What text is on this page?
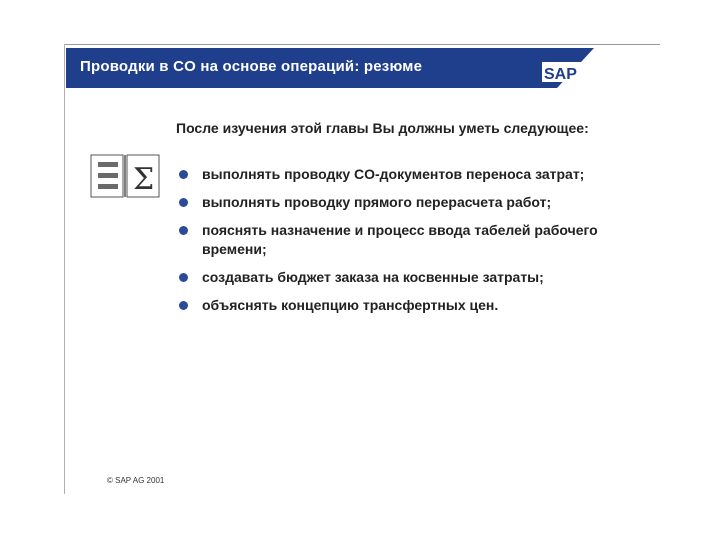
Проводки в CO на основе операций: резюме	SAP
Σ
После изучения этой главы Вы должны уметь следующее:
выполнять проводку CO-документов переноса затрат;
выполнять проводку прямого перерасчета работ;
пояснять назначение и процесс ввода табелей рабочего времени;
создавать бюджет заказа на косвенные затраты;
объяснять концепцию трансфертных цен.
© SAP AG 2001
